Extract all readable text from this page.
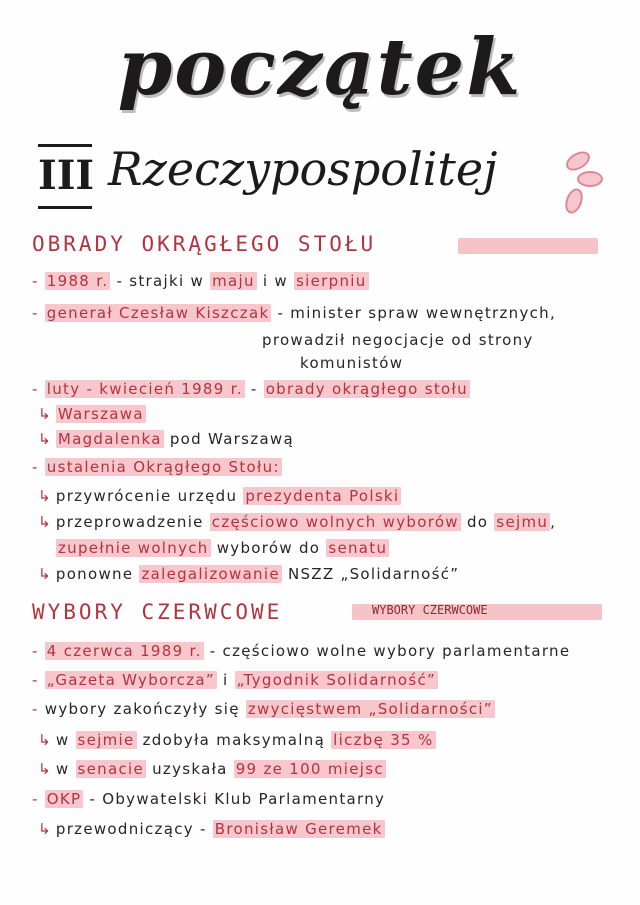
początek
III Rzeczypospolitej
OBRADY OKRĄGŁEGO STOŁU
- 1988 r. - strajki w maju i w sierpniu
- generał Czesław Kiszczak - minister spraw wewnętrznych,
prowadził negocjacje od strony
komunistów
- luty - kwiecień 1989 r. - obrady okrągłego stołu
↳ Warszawa
↳ Magdalenka pod Warszawą
- ustalenia Okrągłego Stołu:
↳ przywrócenie urzędu prezydenta Polski
↳ przeprowadzenie częściowo wolnych wyborów do sejmu ,
zupełnie wolnych wyborów do senatu
↳ ponowne zalegalizowanie NSZZ „Solidarność”
WYBORY CZERWCOWE	WYBORY CZERWCOWE
- 4 czerwca 1989 r. - częściowo wolne wybory parlamentarne
- „Gazeta Wyborcza” i „Tygodnik Solidarność”
- wybory zakończyły się zwycięstwem „Solidarności”
↳ w sejmie zdobyła maksymalną liczbę 35 %
↳ w senacie uzyskała 99 ze 100 miejsc
- OKP - Obywatelski Klub Parlamentarny
↳ przewodniczący - Bronisław Geremek
